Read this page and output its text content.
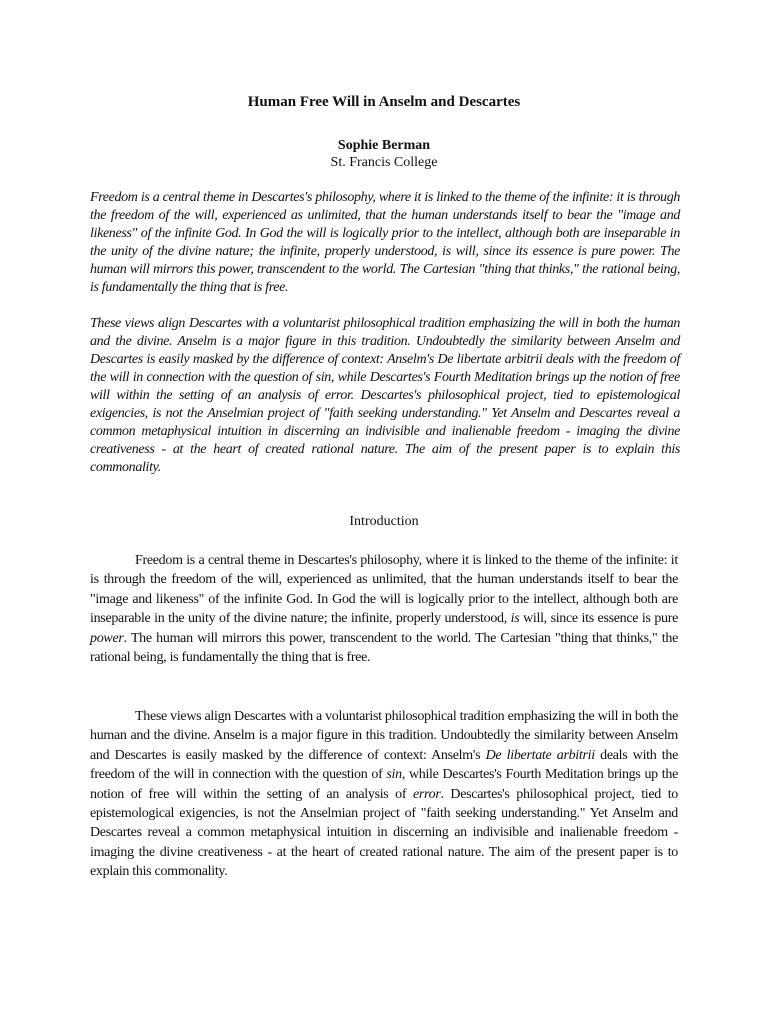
Human Free Will in Anselm and Descartes
Sophie Berman
St. Francis College

Freedom is a central theme in Descartes's philosophy, where it is linked to the theme of the infinite: it is through the freedom of the will, experienced as unlimited, that the human understands itself to bear the "image and likeness" of the infinite God. In God the will is logically prior to the intellect, although both are inseparable in the unity of the divine nature; the infinite, properly understood, is will, since its essence is pure power. The human will mirrors this power, transcendent to the world. The Cartesian "thing that thinks," the rational being, is fundamentally the thing that is free.

These views align Descartes with a voluntarist philosophical tradition emphasizing the will in both the human and the divine. Anselm is a major figure in this tradition. Undoubtedly the similarity between Anselm and Descartes is easily masked by the difference of context: Anselm's De libertate arbitrii deals with the freedom of the will in connection with the question of sin, while Descartes's Fourth Meditation brings up the notion of free will within the setting of an analysis of error. Descartes's philosophical project, tied to epistemological exigencies, is not the Anselmian project of "faith seeking understanding." Yet Anselm and Descartes reveal a common metaphysical intuition in discerning an indivisible and inalienable freedom - imaging the divine creativeness - at the heart of created rational nature. The aim of the present paper is to explain this commonality.

Introduction

Freedom is a central theme in Descartes's philosophy, where it is linked to the theme of the infinite: it is through the freedom of the will, experienced as unlimited, that the human understands itself to bear the "image and likeness" of the infinite God. In God the will is logically prior to the intellect, although both are inseparable in the unity of the divine nature; the infinite, properly understood, is will, since its essence is pure power. The human will mirrors this power, transcendent to the world. The Cartesian "thing that thinks," the rational being, is fundamentally the thing that is free.

These views align Descartes with a voluntarist philosophical tradition emphasizing the will in both the human and the divine. Anselm is a major figure in this tradition. Undoubtedly the similarity between Anselm and Descartes is easily masked by the difference of context: Anselm's De libertate arbitrii deals with the freedom of the will in connection with the question of sin, while Descartes's Fourth Meditation brings up the notion of free will within the setting of an analysis of error. Descartes's philosophical project, tied to epistemological exigencies, is not the Anselmian project of "faith seeking understanding." Yet Anselm and Descartes reveal a common metaphysical intuition in discerning an indivisible and inalienable freedom - imaging the divine creativeness - at the heart of created rational nature. The aim of the present paper is to explain this commonality.
